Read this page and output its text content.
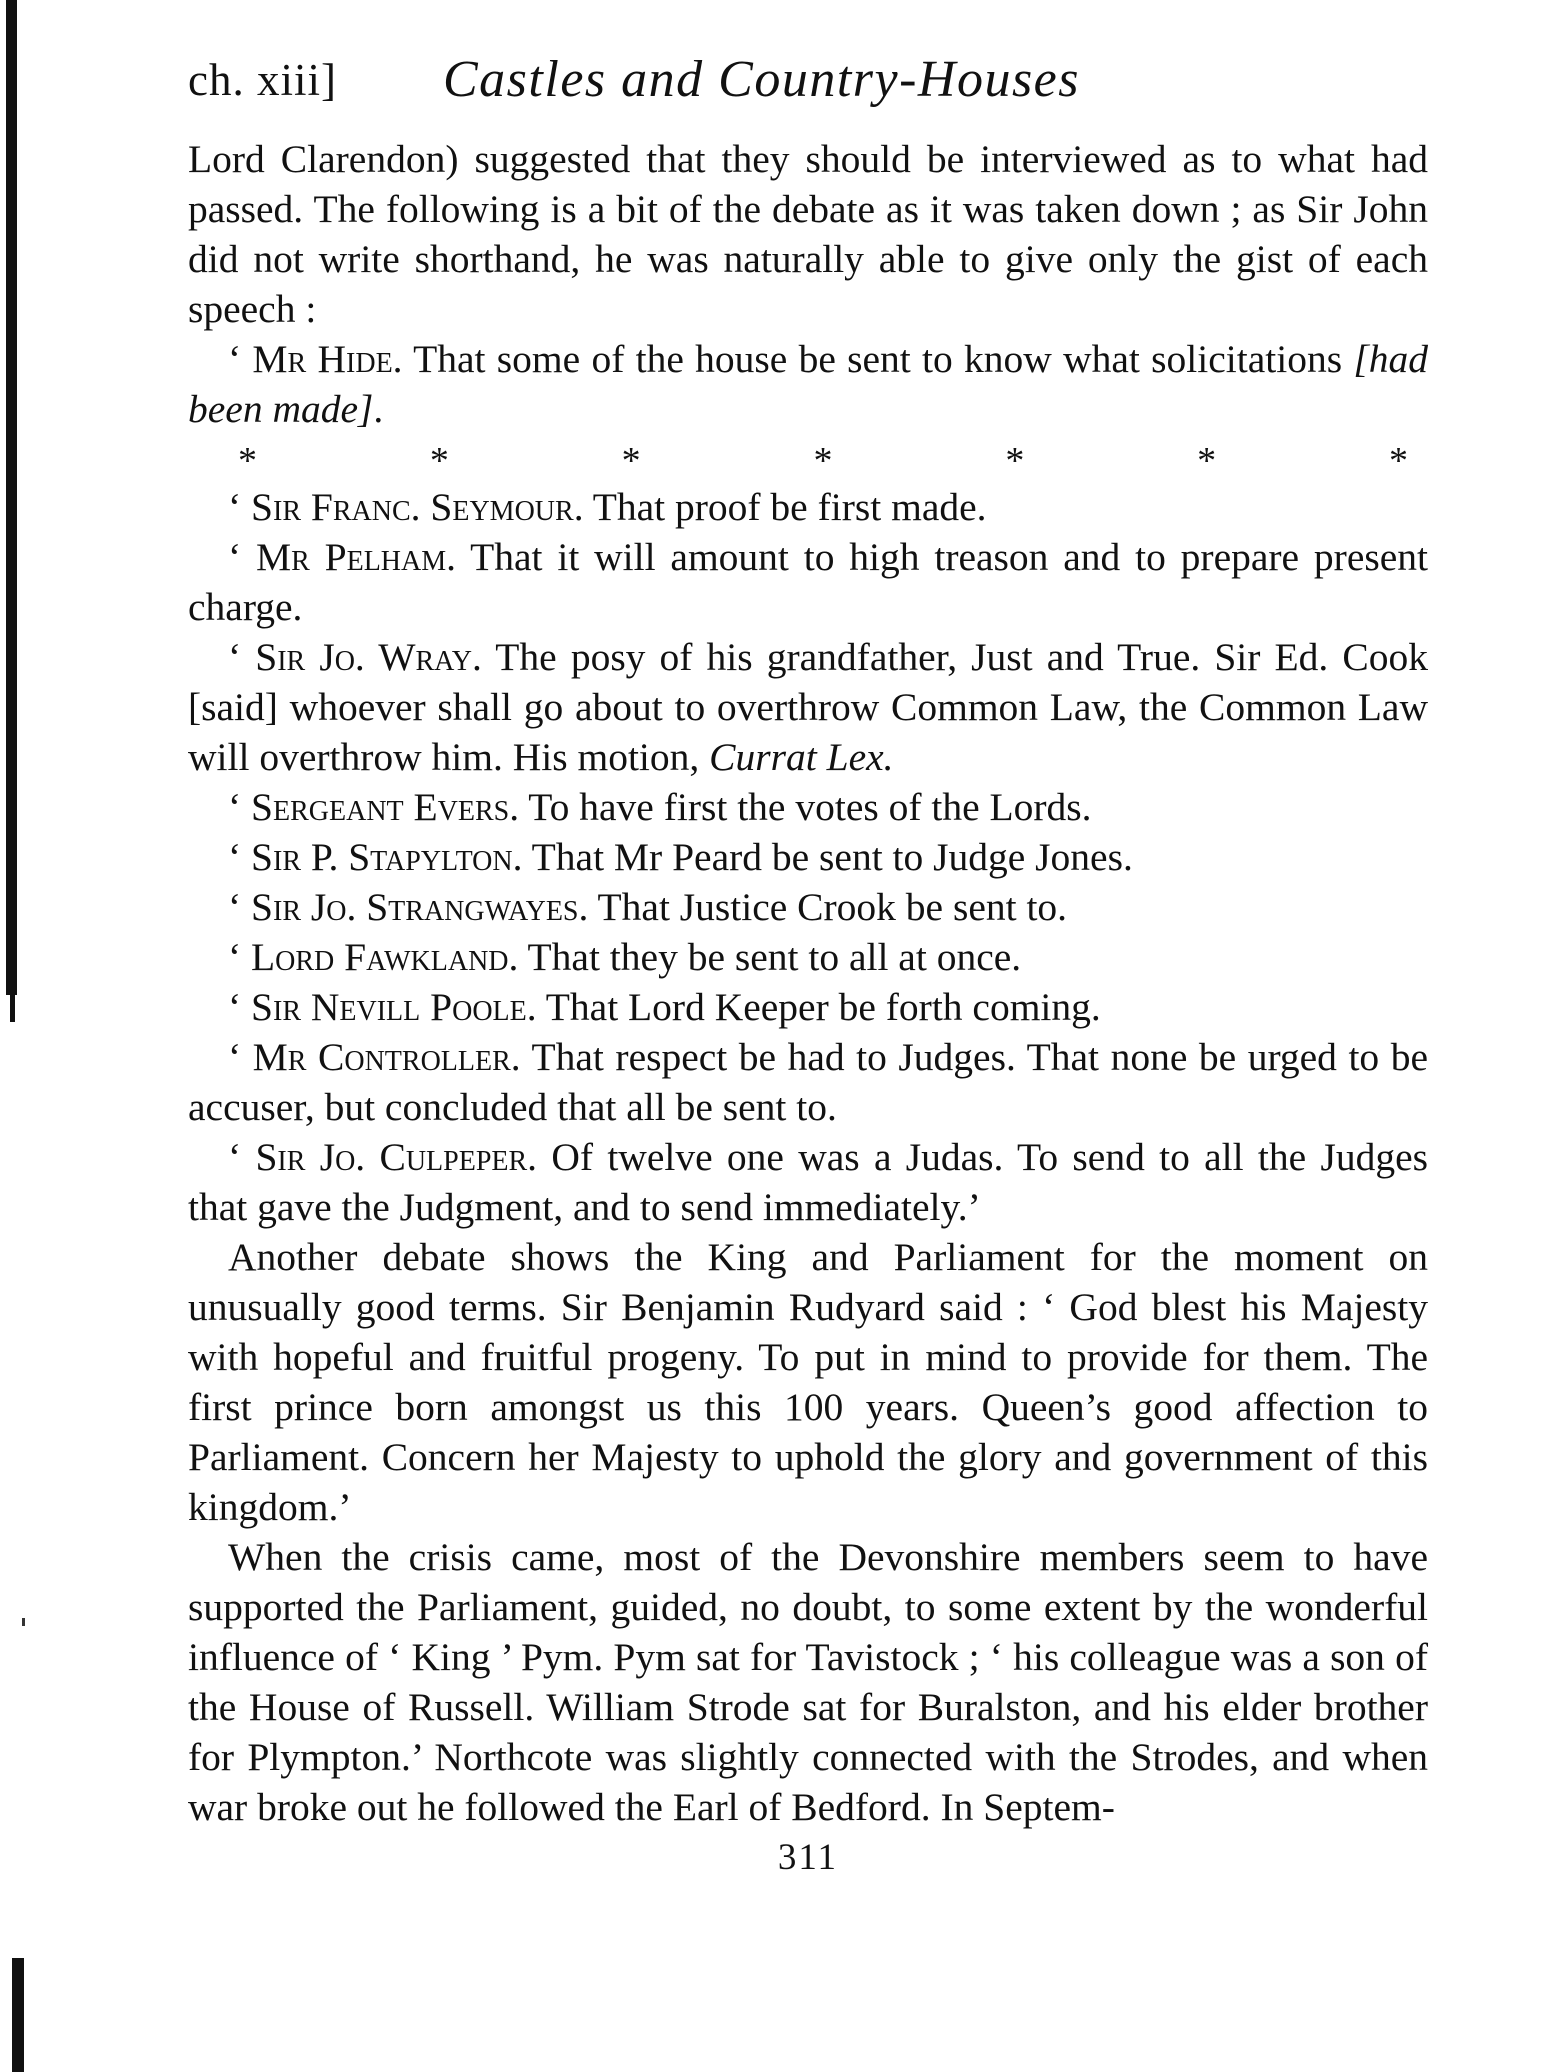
ch. xiii] Castles and Country-Houses

Lord Clarendon) suggested that they should be interviewed as to what had passed. The following is a bit of the debate as it was taken down ; as Sir John did not write shorthand, he was naturally able to give only the gist of each speech :

‘ Mr Hide. That some of the house be sent to know what solicitations [had been made].

*	*	*	*	*	*	*

‘ Sir Franc. Seymour. That proof be first made.

‘ Mr Pelham. That it will amount to high treason and to prepare present charge.

‘ Sir Jo. Wray. The posy of his grandfather, Just and True. Sir Ed. Cook [said] whoever shall go about to overthrow Common Law, the Common Law will overthrow him. His motion, Currat Lex.

‘ Sergeant Evers. To have first the votes of the Lords.

‘ Sir P. Stapylton. That Mr Peard be sent to Judge Jones.

‘ Sir Jo. Strangwayes. That Justice Crook be sent to.

‘ Lord Fawkland. That they be sent to all at once.

‘ Sir Nevill Poole. That Lord Keeper be forth coming.

‘ Mr Controller. That respect be had to Judges. That none be urged to be accuser, but concluded that all be sent to.

‘ Sir Jo. Culpeper. Of twelve one was a Judas. To send to all the Judges that gave the Judgment, and to send immediately.’

Another debate shows the King and Parliament for the moment on unusually good terms. Sir Benjamin Rudyard said : ‘ God blest his Majesty with hopeful and fruitful progeny. To put in mind to provide for them. The first prince born amongst us this 100 years. Queen’s good affection to Parliament. Concern her Majesty to uphold the glory and government of this kingdom.’

When the crisis came, most of the Devonshire members seem to have supported the Parliament, guided, no doubt, to some extent by the wonderful influence of ‘ King ’ Pym. Pym sat for Tavistock ; ‘ his colleague was a son of the House of Russell. William Strode sat for Buralston, and his elder brother for Plympton.’ Northcote was slightly connected with the Strodes, and when war broke out he followed the Earl of Bedford. In Septem-

311
